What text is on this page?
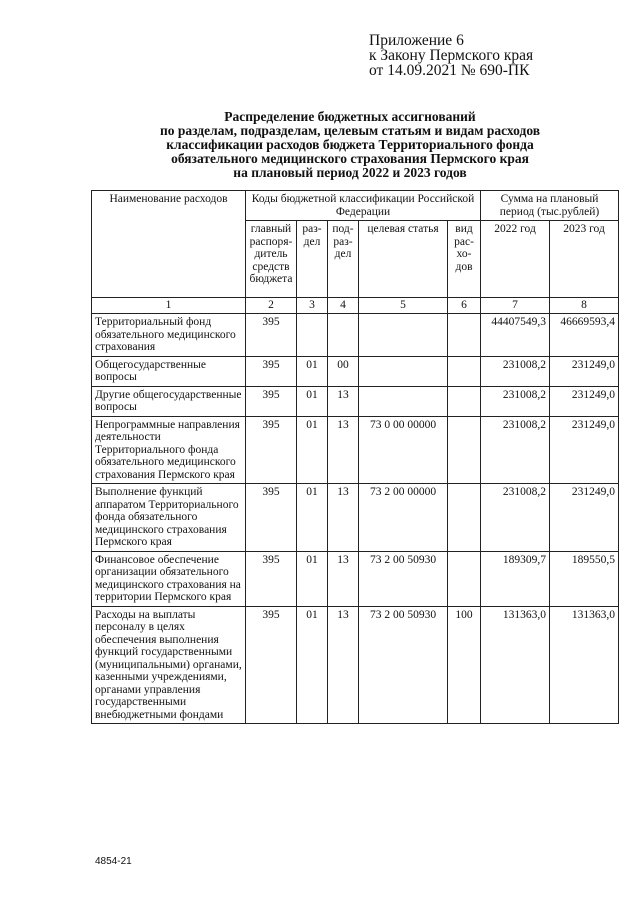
Приложение 6
к Закону Пермского края
от 14.09.2021 № 690-ПК
Распределение бюджетных ассигнований
по разделам, подразделам, целевым статьям и видам расходов
классификации расходов бюджета Территориального фонда
обязательного медицинского страхования Пермского края
на плановый период 2022 и 2023 годов
Наименование расходов	Коды бюджетной классификации Российской Федерации					Сумма на плановый период (тыс.рублей)	
	главный распоря-дитель средств бюджета	раз-дел	под-раз-дел	целевая статья	вид рас-хо-дов	2022 год	2023 год
1	2	3	4	5	6	7	8
Территориальный фонд обязательного медицинского страхования	395					44407549,3	46669593,4
Общегосударственные вопросы	395	01	00			231008,2	231249,0
Другие общегосударственные вопросы	395	01	13			231008,2	231249,0
Непрограммные направления деятельности Территориального фонда обязательного медицинского страхования Пермского края	395	01	13	73 0 00 00000		231008,2	231249,0
Выполнение функций аппаратом Территориального фонда обязательного медицинского страхования Пермского края	395	01	13	73 2 00 00000		231008,2	231249,0
Финансовое обеспечение организации обязательного медицинского страхования на территории Пермского края	395	01	13	73 2 00 50930		189309,7	189550,5
Расходы на выплаты персоналу в целях обеспечения выполнения функций государственными (муниципальными) органами, казенными учреждениями, органами управления государственными внебюджетными фондами	395	01	13	73 2 00 50930	100	131363,0	131363,0
4854-21
